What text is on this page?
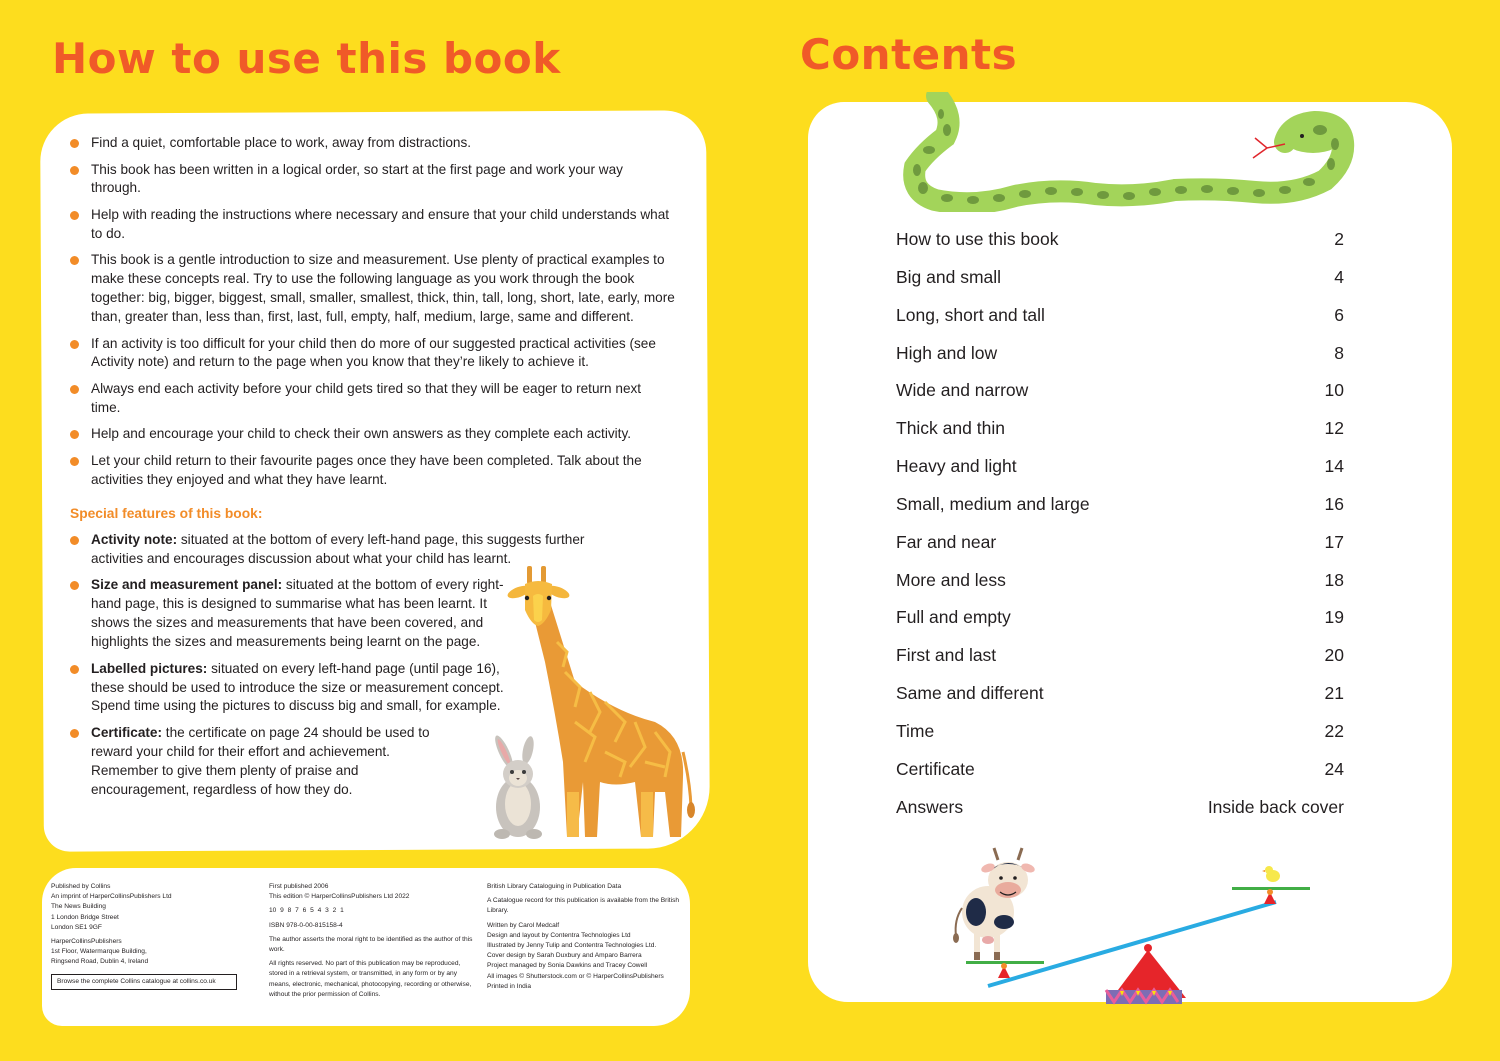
How to use this book
Find a quiet, comfortable place to work, away from distractions.
This book has been written in a logical order, so start at the first page and work your way through.
Help with reading the instructions where necessary and ensure that your child understands what to do.
This book is a gentle introduction to size and measurement. Use plenty of practical examples to make these concepts real. Try to use the following language as you work through the book together: big, bigger, biggest, small, smaller, smallest, thick, thin, tall, long, short, late, early, more than, greater than, less than, first, last, full, empty, half, medium, large, same and different.
If an activity is too difficult for your child then do more of our suggested practical activities (see Activity note) and return to the page when you know that they’re likely to achieve it.
Always end each activity before your child gets tired so that they will be eager to return next time.
Help and encourage your child to check their own answers as they complete each activity.
Let your child return to their favourite pages once they have been completed. Talk about the activities they enjoyed and what they have learnt.
Special features of this book:
Activity note: situated at the bottom of every left-hand page, this suggests further activities and encourages discussion about what your child has learnt.
Size and measurement panel: situated at the bottom of every right-hand page, this is designed to summarise what has been learnt. It shows the sizes and measurements that have been covered, and highlights the sizes and measurements being learnt on the page.
Labelled pictures: situated on every left-hand page (until page 16), these should be used to introduce the size or measurement concept. Spend time using the pictures to discuss big and small, for example.
Certificate: the certificate on page 24 should be used to reward your child for their effort and achievement. Remember to give them plenty of praise and encouragement, regardless of how they do.
Published by Collins
An imprint of HarperCollinsPublishers Ltd
The News Building
1 London Bridge Street
London SE1 9GF
HarperCollinsPublishers
1st Floor, Watermarque Building,
Ringsend Road, Dublin 4, Ireland
Browse the complete Collins catalogue at collins.co.uk
First published 2006
This edition © HarperCollinsPublishers Ltd 2022
10 9 8 7 6 5 4 3 2 1
ISBN 978-0-00-815158-4
The author asserts the moral right to be identified as the author of this work.
All rights reserved. No part of this publication may be reproduced, stored in a retrieval system, or transmitted, in any form or by any means, electronic, mechanical, photocopying, recording or otherwise, without the prior permission of Collins.
British Library Cataloguing in Publication Data
A Catalogue record for this publication is available from the British Library.
Written by Carol Medcalf
Design and layout by Contentra Technologies Ltd
Illustrated by Jenny Tulip and Contentra Technologies Ltd.
Cover design by Sarah Duxbury and Amparo Barrera
Project managed by Sonia Dawkins and Tracey Cowell
All images © Shutterstock.com or © HarperCollinsPublishers
Printed in India
Contents
How to use this book	2
Big and small	4
Long, short and tall	6
High and low	8
Wide and narrow	10
Thick and thin	12
Heavy and light	14
Small, medium and large	16
Far and near	17
More and less	18
Full and empty	19
First and last	20
Same and different	21
Time	22
Certificate	24
Answers	Inside back cover
